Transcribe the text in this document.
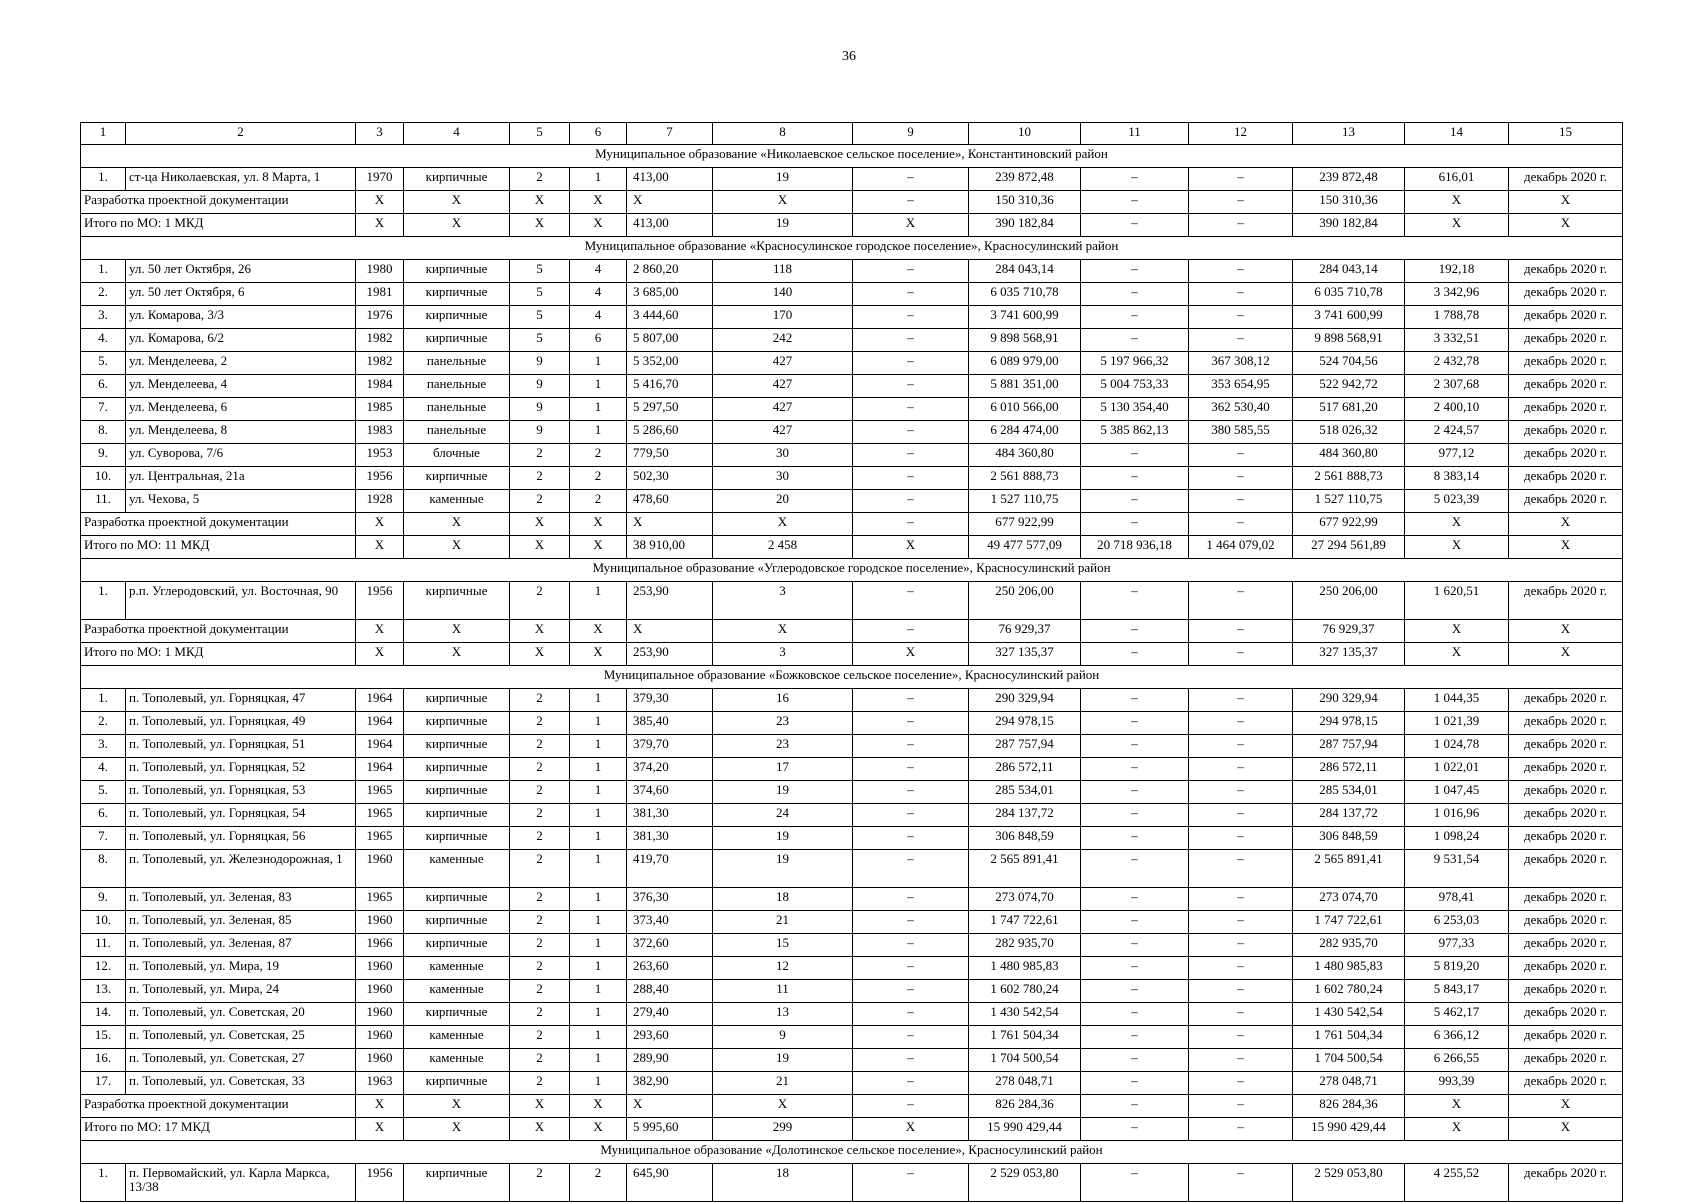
36
1	2	3	4	5	6	7	8	9	10	11	12	13	14	15
Муниципальное образование «Николаевское сельское поселение», Константиновский район														
1.	ст-ца Николаевская, ул. 8 Марта, 1	1970	кирпичные	2	1	413,00	19	–	239 872,48	–	–	239 872,48	616,01	декабрь 2020 г.
Разработка проектной документации		X	X	X	X	X	X	–	150 310,36	–	–	150 310,36	X	X
Итого по МО: 1 МКД		X	X	X	X	413,00	19	X	390 182,84	–	–	390 182,84	X	X
Муниципальное образование «Красносулинское городское поселение», Красносулинский район														
1.	ул. 50 лет Октября, 26	1980	кирпичные	5	4	2 860,20	118	–	284 043,14	–	–	284 043,14	192,18	декабрь 2020 г.
2.	ул. 50 лет Октября, 6	1981	кирпичные	5	4	3 685,00	140	–	6 035 710,78	–	–	6 035 710,78	3 342,96	декабрь 2020 г.
3.	ул. Комарова, 3/3	1976	кирпичные	5	4	3 444,60	170	–	3 741 600,99	–	–	3 741 600,99	1 788,78	декабрь 2020 г.
4.	ул. Комарова, 6/2	1982	кирпичные	5	6	5 807,00	242	–	9 898 568,91	–	–	9 898 568,91	3 332,51	декабрь 2020 г.
5.	ул. Менделеева, 2	1982	панельные	9	1	5 352,00	427	–	6 089 979,00	5 197 966,32	367 308,12	524 704,56	2 432,78	декабрь 2020 г.
6.	ул. Менделеева, 4	1984	панельные	9	1	5 416,70	427	–	5 881 351,00	5 004 753,33	353 654,95	522 942,72	2 307,68	декабрь 2020 г.
7.	ул. Менделеева, 6	1985	панельные	9	1	5 297,50	427	–	6 010 566,00	5 130 354,40	362 530,40	517 681,20	2 400,10	декабрь 2020 г.
8.	ул. Менделеева, 8	1983	панельные	9	1	5 286,60	427	–	6 284 474,00	5 385 862,13	380 585,55	518 026,32	2 424,57	декабрь 2020 г.
9.	ул. Суворова, 7/6	1953	блочные	2	2	779,50	30	–	484 360,80	–	–	484 360,80	977,12	декабрь 2020 г.
10.	ул. Центральная, 21а	1956	кирпичные	2	2	502,30	30	–	2 561 888,73	–	–	2 561 888,73	8 383,14	декабрь 2020 г.
11.	ул. Чехова, 5	1928	каменные	2	2	478,60	20	–	1 527 110,75	–	–	1 527 110,75	5 023,39	декабрь 2020 г.
Разработка проектной документации		X	X	X	X	X	X	–	677 922,99	–	–	677 922,99	X	X
Итого по МО: 11 МКД		X	X	X	X	38 910,00	2 458	X	49 477 577,09	20 718 936,18	1 464 079,02	27 294 561,89	X	X
Муниципальное образование «Углеродовское городское поселение», Красносулинский район														
1.	р.п. Углеродовский, ул. Восточная, 90	1956	кирпичные	2	1	253,90	3	–	250 206,00	–	–	250 206,00	1 620,51	декабрь 2020 г.
Разработка проектной документации		X	X	X	X	X	X	–	76 929,37	–	–	76 929,37	X	X
Итого по МО: 1 МКД		X	X	X	X	253,90	3	X	327 135,37	–	–	327 135,37	X	X
Муниципальное образование «Божковское сельское поселение», Красносулинский район														
1.	п. Тополевый, ул. Горняцкая, 47	1964	кирпичные	2	1	379,30	16	–	290 329,94	–	–	290 329,94	1 044,35	декабрь 2020 г.
2.	п. Тополевый, ул. Горняцкая, 49	1964	кирпичные	2	1	385,40	23	–	294 978,15	–	–	294 978,15	1 021,39	декабрь 2020 г.
3.	п. Тополевый, ул. Горняцкая, 51	1964	кирпичные	2	1	379,70	23	–	287 757,94	–	–	287 757,94	1 024,78	декабрь 2020 г.
4.	п. Тополевый, ул. Горняцкая, 52	1964	кирпичные	2	1	374,20	17	–	286 572,11	–	–	286 572,11	1 022,01	декабрь 2020 г.
5.	п. Тополевый, ул. Горняцкая, 53	1965	кирпичные	2	1	374,60	19	–	285 534,01	–	–	285 534,01	1 047,45	декабрь 2020 г.
6.	п. Тополевый, ул. Горняцкая, 54	1965	кирпичные	2	1	381,30	24	–	284 137,72	–	–	284 137,72	1 016,96	декабрь 2020 г.
7.	п. Тополевый, ул. Горняцкая, 56	1965	кирпичные	2	1	381,30	19	–	306 848,59	–	–	306 848,59	1 098,24	декабрь 2020 г.
8.	п. Тополевый, ул. Железнодорожная, 1	1960	каменные	2	1	419,70	19	–	2 565 891,41	–	–	2 565 891,41	9 531,54	декабрь 2020 г.
9.	п. Тополевый, ул. Зеленая, 83	1965	кирпичные	2	1	376,30	18	–	273 074,70	–	–	273 074,70	978,41	декабрь 2020 г.
10.	п. Тополевый, ул. Зеленая, 85	1960	кирпичные	2	1	373,40	21	–	1 747 722,61	–	–	1 747 722,61	6 253,03	декабрь 2020 г.
11.	п. Тополевый, ул. Зеленая, 87	1966	кирпичные	2	1	372,60	15	–	282 935,70	–	–	282 935,70	977,33	декабрь 2020 г.
12.	п. Тополевый, ул. Мира, 19	1960	каменные	2	1	263,60	12	–	1 480 985,83	–	–	1 480 985,83	5 819,20	декабрь 2020 г.
13.	п. Тополевый, ул. Мира, 24	1960	каменные	2	1	288,40	11	–	1 602 780,24	–	–	1 602 780,24	5 843,17	декабрь 2020 г.
14.	п. Тополевый, ул. Советская, 20	1960	кирпичные	2	1	279,40	13	–	1 430 542,54	–	–	1 430 542,54	5 462,17	декабрь 2020 г.
15.	п. Тополевый, ул. Советская, 25	1960	каменные	2	1	293,60	9	–	1 761 504,34	–	–	1 761 504,34	6 366,12	декабрь 2020 г.
16.	п. Тополевый, ул. Советская, 27	1960	каменные	2	1	289,90	19	–	1 704 500,54	–	–	1 704 500,54	6 266,55	декабрь 2020 г.
17.	п. Тополевый, ул. Советская, 33	1963	кирпичные	2	1	382,90	21	–	278 048,71	–	–	278 048,71	993,39	декабрь 2020 г.
Разработка проектной документации		X	X	X	X	X	X	–	826 284,36	–	–	826 284,36	X	X
Итого по МО: 17 МКД		X	X	X	X	5 995,60	299	X	15 990 429,44	–	–	15 990 429,44	X	X
Муниципальное образование «Долотинское сельское поселение», Красносулинский район														
1.	п. Первомайский, ул. Карла Маркса, 13/38	1956	кирпичные	2	2	645,90	18	–	2 529 053,80	–	–	2 529 053,80	4 255,52	декабрь 2020 г.
